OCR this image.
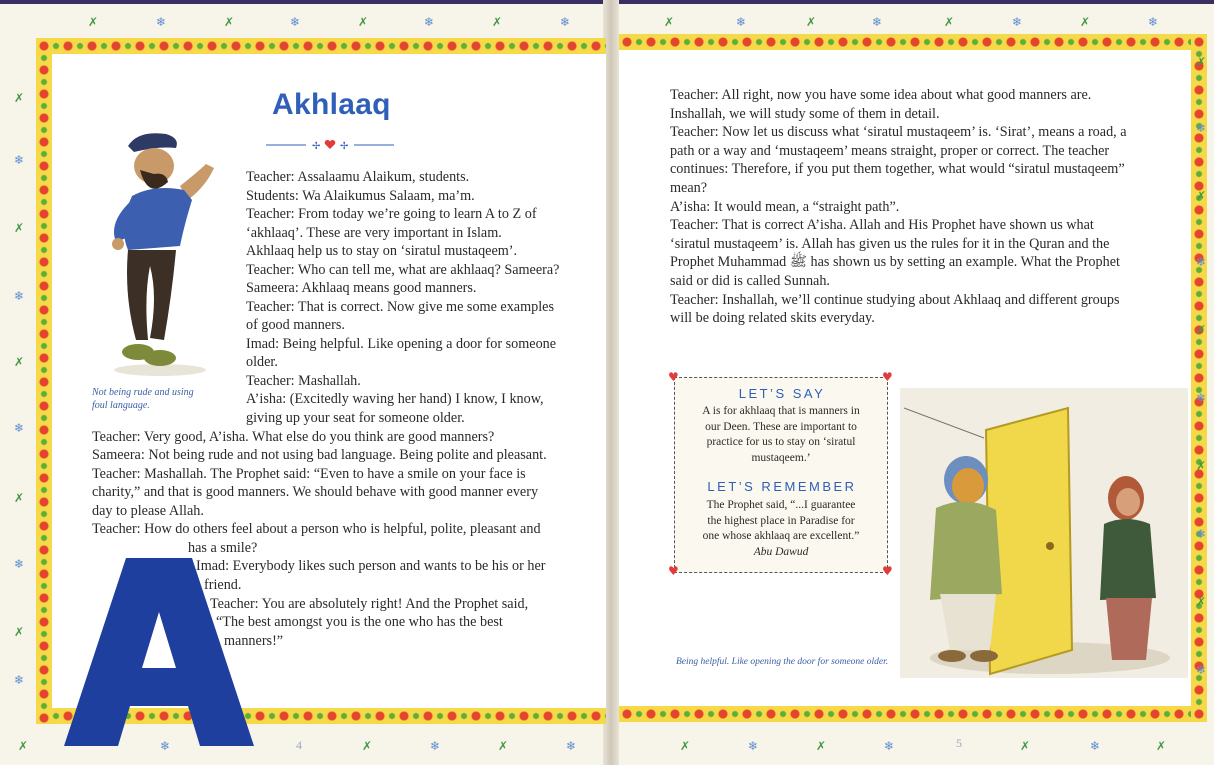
✗	❄	✗	❄	✗	❄	✗	❄	✗	❄	✗	❄	✗	❄	✗	❄
✗
❄
✗
❄
✗
❄
✗
❄
✗
❄
✗
❄
✗
❄
✗
❄
✗
❄
✗
❄
✗	❄	✗	❄	✗	❄	✗	❄	✗	❄	✗	❄	✗
Akhlaaq
✢ ✢
Not being rude and using
foul language.
Teacher: Assalaamu Alaikum, students.
Students: Wa Alaikumus Salaam, ma’m.
Teacher: From today we’re going to learn A to Z of
‘akhlaaq’. These are very important in Islam.
Akhlaaq help us to stay on ‘siratul mustaqeem’.
Teacher: Who can tell me, what are akhlaaq? Sameera?
Sameera: Akhlaaq means good manners.
Teacher: That is correct. Now give me some examples
of good manners.
Imad: Being helpful. Like opening a door for someone
older.
Teacher: Mashallah.
A’isha: (Excitedly waving her hand) I know, I know,
giving up your seat for someone older.
Teacher: Very good, A’isha. What else do you think are good manners?
Sameera: Not being rude and not using bad language. Being polite and pleasant.
Teacher: Mashallah. The Prophet said: “Even to have a smile on your face is
charity,” and that is good manners. We should behave with good manner every
day to please Allah.
Teacher: How do others feel about a person who is helpful, polite, pleasant and
has a smile?
Imad: Everybody likes such person and wants to be his or her
friend.
Teacher: You are absolutely right! And the Prophet said,
“The best amongst you is the one who has the best
manners!”
4
Teacher: All right, now you have some idea about what good manners are.
Inshallah, we will study some of them in detail.
Teacher: Now let us discuss what ‘siratul mustaqeem’ is. ‘Sirat’, means a road, a
path or a way and ‘mustaqeem’ means straight, proper or correct. The teacher
continues: Therefore, if you put them together, what would “siratul mustaqeem”
mean?
A’isha: It would mean, a “straight path”.
Teacher: That is correct A’isha. Allah and His Prophet have shown us what
‘siratul mustaqeem’ is. Allah has given us the rules for it in the Quran and the
Prophet Muhammad ﷺ has shown us by setting an example. What the Prophet
said or did is called Sunnah.
Teacher: Inshallah, we’ll continue studying about Akhlaaq and different groups
will be doing related skits everyday.
LET’S SAY
A is for akhlaaq that is manners in
our Deen. These are important to
practice for us to stay on ‘siratul
mustaqeem.’
LET’S REMEMBER
The Prophet said, “...I guarantee
the highest place in Paradise for
one whose akhlaaq are excellent.”
Abu Dawud
♥	♥
♥	♥
Being helpful. Like opening the door for someone older.
5
